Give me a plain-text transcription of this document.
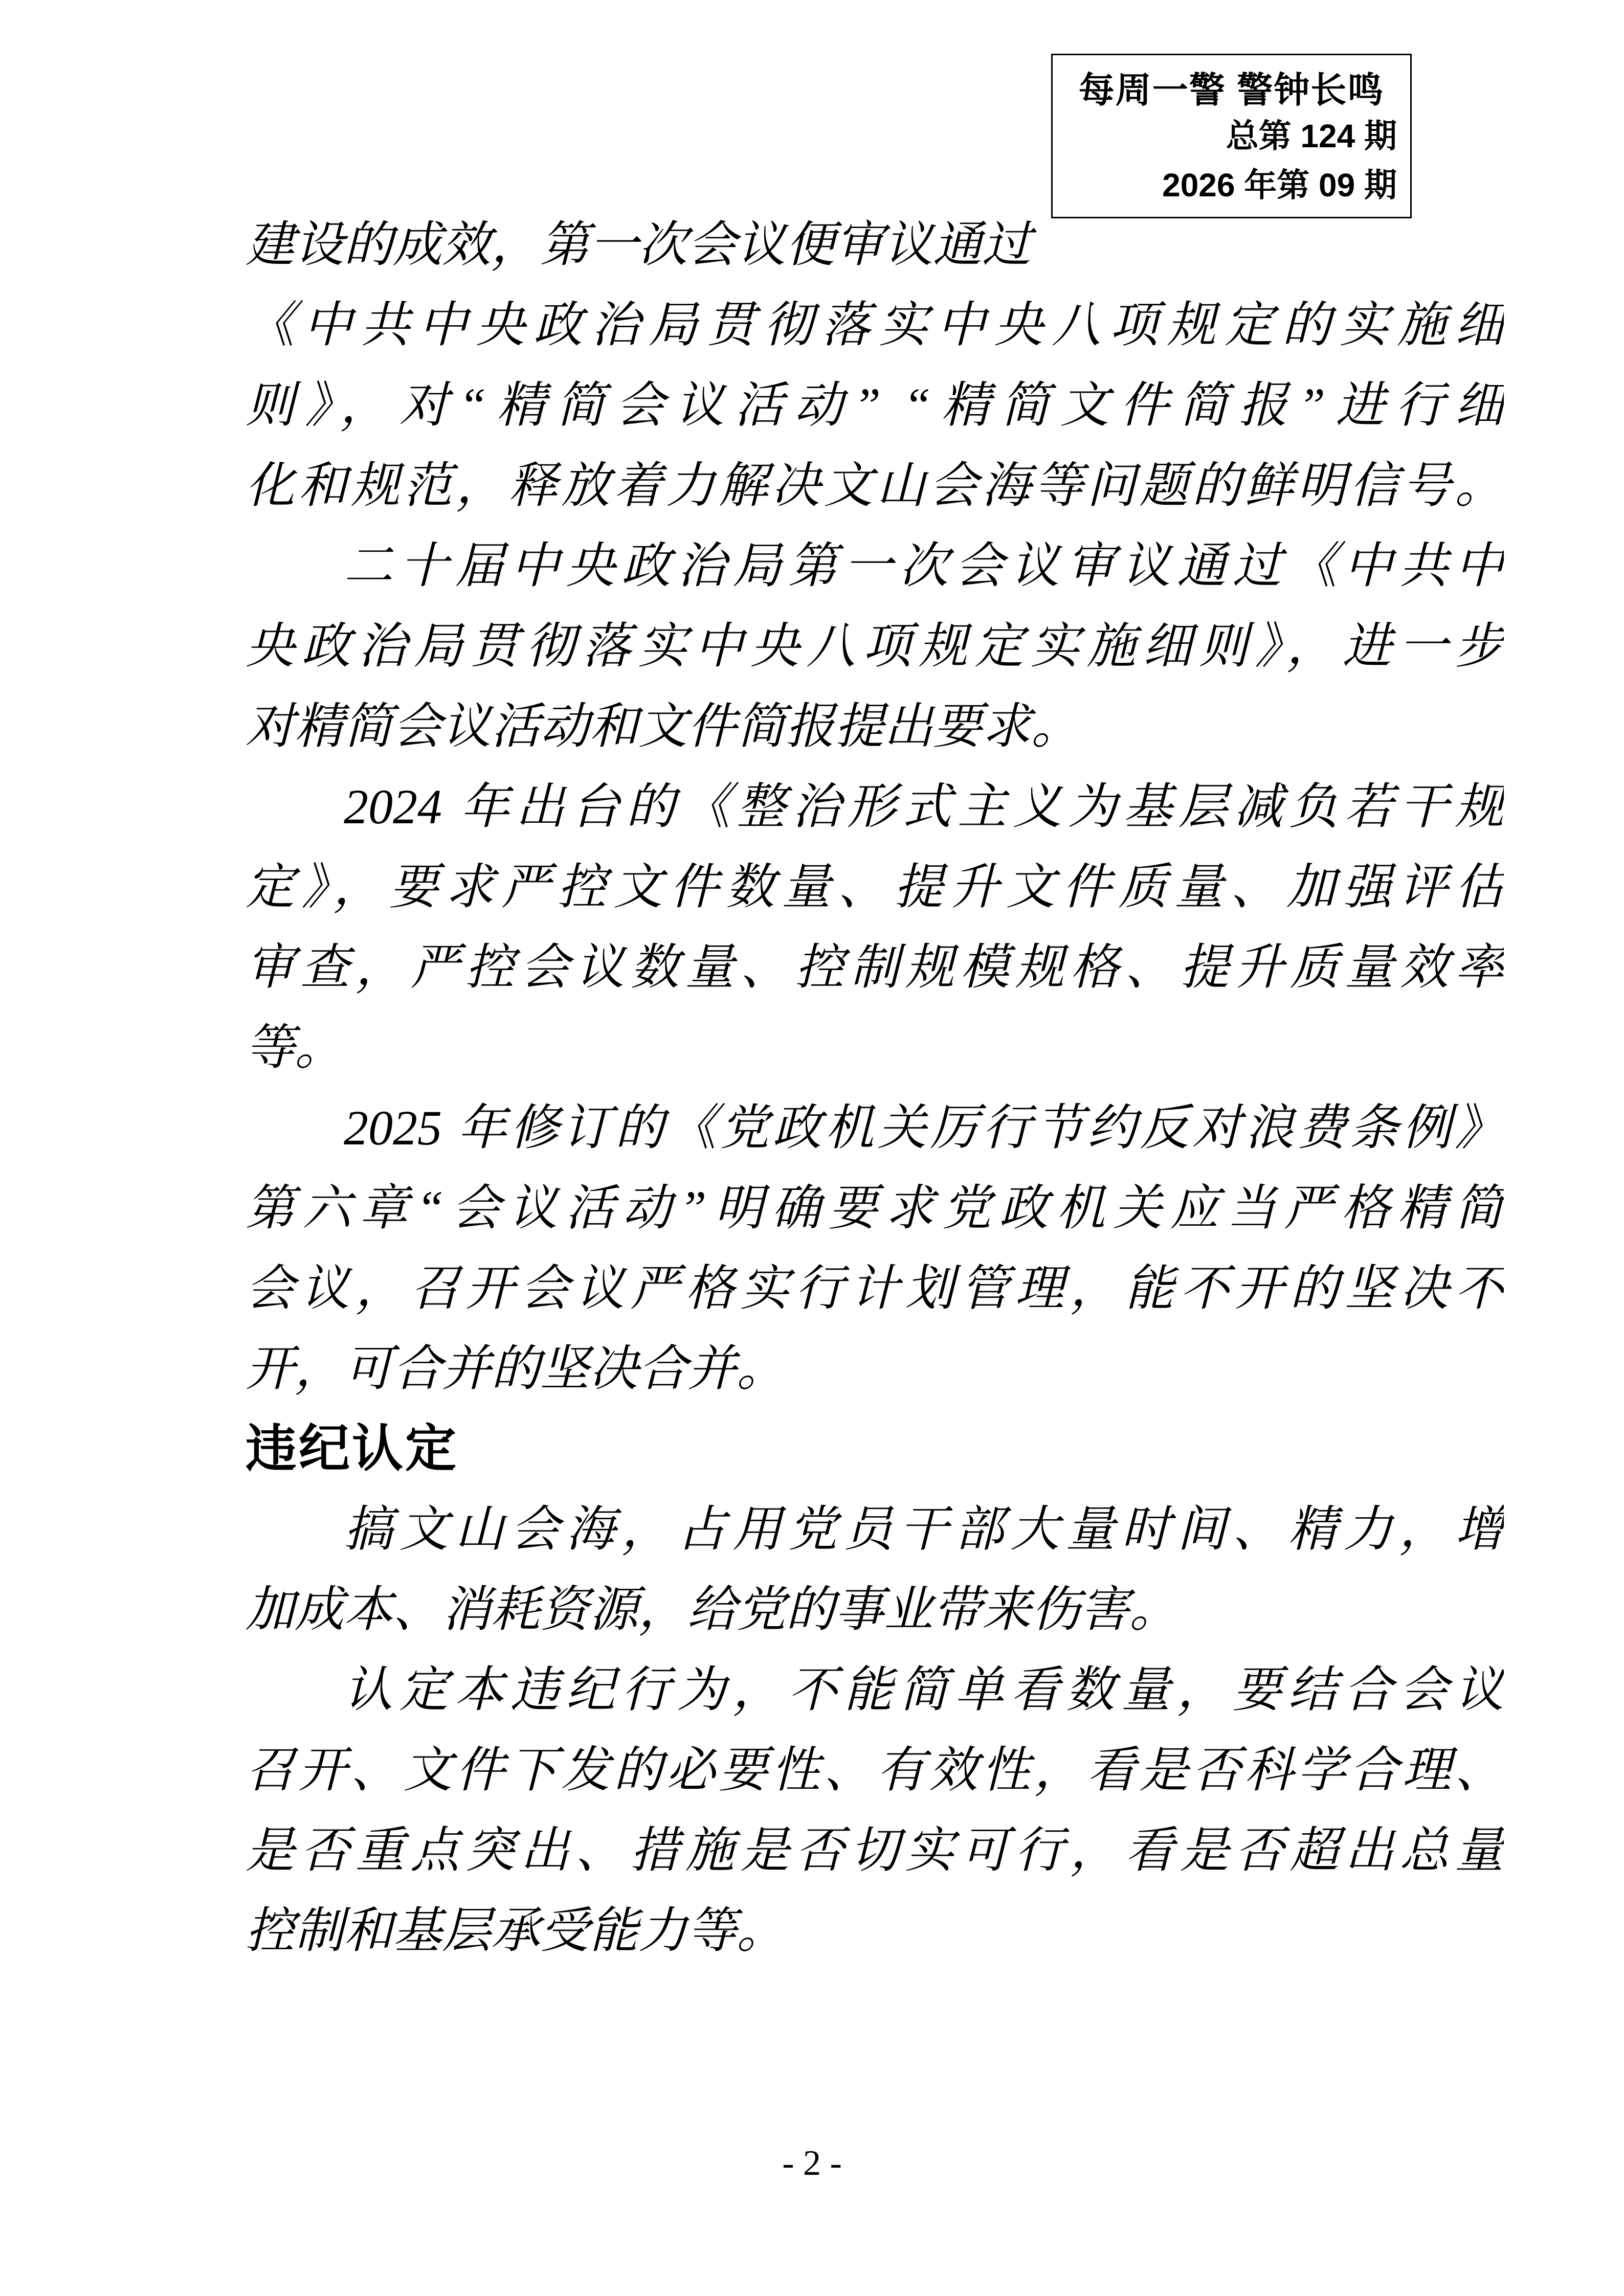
每周一警 警钟长鸣
总第 124 期
2026 年第 09 期
建设的成效，第一次会议便审议通过
《中共中央政治局贯彻落实中央八项规定的实施细
则》，对“精简会议活动” “精简文件简报”进行细
化和规范，释放着力解决文山会海等问题的鲜明信号。
二十届中央政治局第一次会议审议通过《中共中
央政治局贯彻落实中央八项规定实施细则》，进一步
对精简会议活动和文件简报提出要求。
2024 年出台的《整治形式主义为基层减负若干规
定》，要求严控文件数量、提升文件质量、加强评估
审查，严控会议数量、控制规模规格、提升质量效率
等。
2025 年修订的《党政机关厉行节约反对浪费条例》
第六章“会议活动”明确要求党政机关应当严格精简
会议，召开会议严格实行计划管理，能不开的坚决不
开，可合并的坚决合并。
违纪认定
搞文山会海，占用党员干部大量时间、精力，增
加成本、消耗资源，给党的事业带来伤害。
认定本违纪行为，不能简单看数量，要结合会议
召开、文件下发的必要性、有效性，看是否科学合理、
是否重点突出、措施是否切实可行，看是否超出总量
控制和基层承受能力等。
- 2 -
